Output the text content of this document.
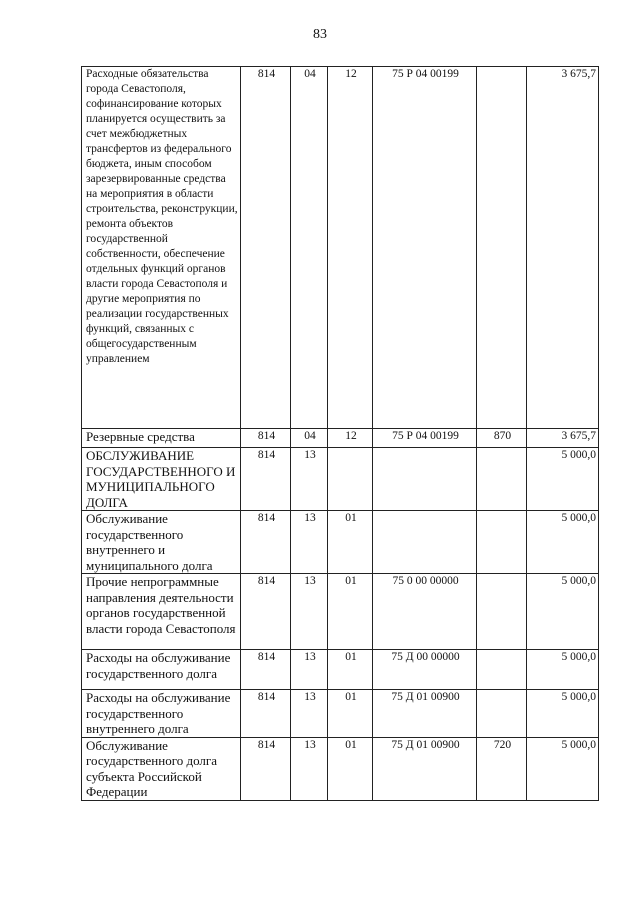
83
Расходные обязательства города Севастополя, софинансирование которых планируется осуществить за счет межбюджетных трансфертов из федерального бюджета, иным способом зарезервированные средства на мероприятия в области строительства, реконструкции, ремонта объектов государственной собственности, обеспечение отдельных функций органов власти города Севастополя и другие мероприятия по реализации государственных функций, связанных с общегосударственным управлением	814	04	12	75 Р 04 00199		3 675,7
Резервные средства	814	04	12	75 Р 04 00199	870	3 675,7
ОБСЛУЖИВАНИЕ ГОСУДАРСТВЕННОГО И МУНИЦИПАЛЬНОГО ДОЛГА	814	13				5 000,0
Обслуживание государственного внутреннего и муниципального долга	814	13	01			5 000,0
Прочие непрограммные направления деятельности органов государственной власти города Севастополя	814	13	01	75 0 00 00000		5 000,0
Расходы на обслуживание государственного долга	814	13	01	75 Д 00 00000		5 000,0
Расходы на обслуживание государственного внутреннего долга	814	13	01	75 Д 01 00900		5 000,0
Обслуживание государственного долга субъекта Российской Федерации	814	13	01	75 Д 01 00900	720	5 000,0
